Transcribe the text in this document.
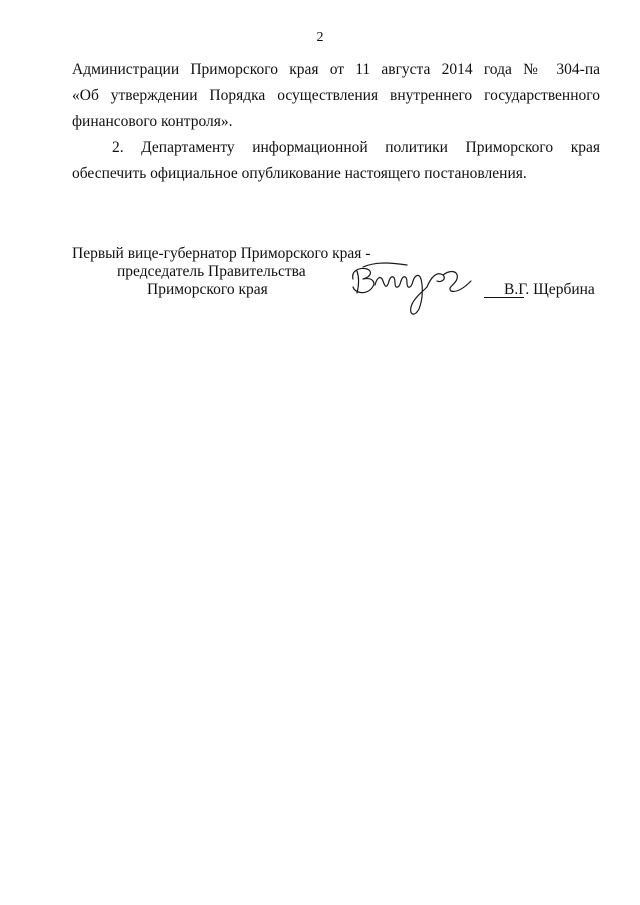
2
Администрации Приморского края от 11 августа 2014 года № 304-па
«Об утверждении Порядка осуществления внутреннего государственного
финансового контроля».
2. Департаменту информационной политики Приморского края
обеспечить официальное опубликование настоящего постановления.
Первый вице-губернатор Приморского края -
председатель Правительства
Приморского края	В.Г. Щербина
